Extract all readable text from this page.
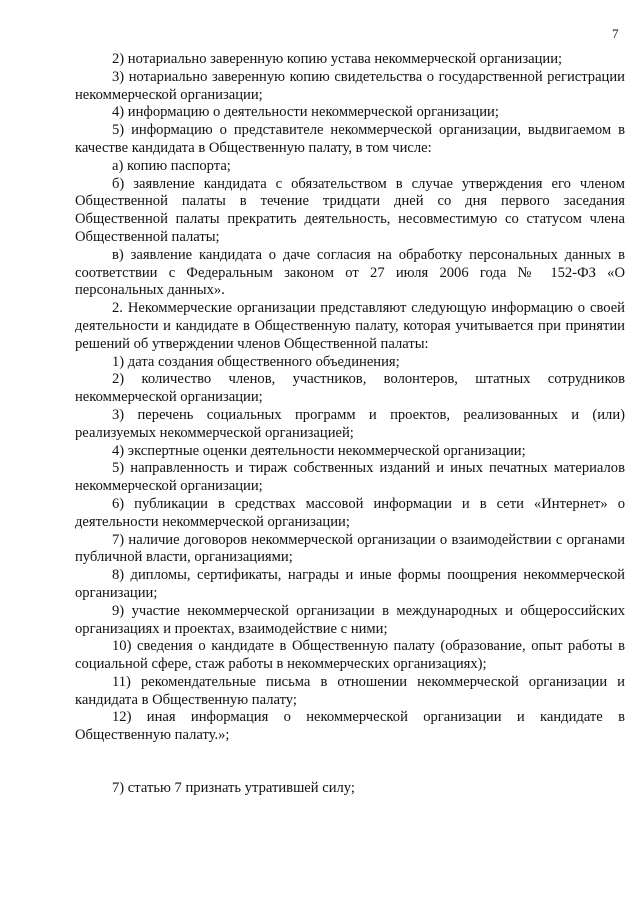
7

2) нотариально заверенную копию устава некоммерческой организации;

3) нотариально заверенную копию свидетельства о государственной регистрации некоммерческой организации;

4) информацию о деятельности некоммерческой организации;

5) информацию о представителе некоммерческой организации, выдвигаемом в качестве кандидата в Общественную палату, в том числе:

а) копию паспорта;

б) заявление кандидата с обязательством в случае утверждения его членом Общественной палаты в течение тридцати дней со дня первого заседания Общественной палаты прекратить деятельность, несовместимую со статусом члена Общественной палаты;

в) заявление кандидата о даче согласия на обработку персональных данных в соответствии с Федеральным законом от 27 июля 2006 года № 152-ФЗ «О персональных данных».

2. Некоммерческие организации представляют следующую информацию о своей деятельности и кандидате в Общественную палату, которая учитывается при принятии решений об утверждении членов Общественной палаты:

1) дата создания общественного объединения;

2) количество членов, участников, волонтеров, штатных сотрудников некоммерческой организации;

3) перечень социальных программ и проектов, реализованных и (или) реализуемых некоммерческой организацией;

4) экспертные оценки деятельности некоммерческой организации;

5) направленность и тираж собственных изданий и иных печатных материалов некоммерческой организации;

6) публикации в средствах массовой информации и в сети «Интернет» о деятельности некоммерческой организации;

7) наличие договоров некоммерческой организации о взаимодействии с органами публичной власти, организациями;

8) дипломы, сертификаты, награды и иные формы поощрения некоммерческой организации;

9) участие некоммерческой организации в международных и общероссийских организациях и проектах, взаимодействие с ними;

10) сведения о кандидате в Общественную палату (образование, опыт работы в социальной сфере, стаж работы в некоммерческих организациях);

11) рекомендательные письма в отношении некоммерческой организации и кандидата в Общественную палату;

12) иная информация о некоммерческой организации и кандидате в Общественную палату.»;

7) статью 7 признать утратившей силу;
